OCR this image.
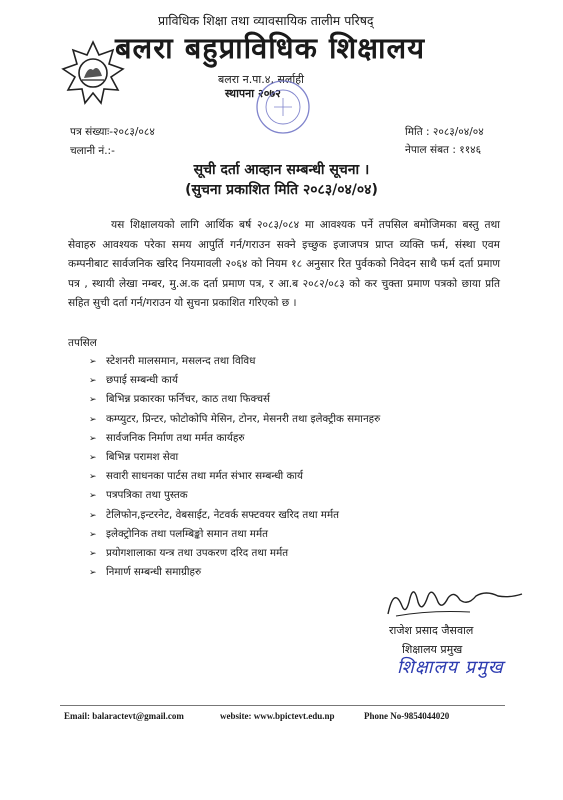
प्राविधिक शिक्षा तथा व्यावसायिक तालीम परिषद्
बलरा बहुप्राविधिक शिक्षालय
बलरा न.पा.४, सर्लाही
स्थापना २०७२
पत्र संख्याः-२०८३/०८४
चलानी नं.:-
मिति : २०८३/०४/०४
नेपाल संबत : ११४६
सूची दर्ता आव्हान सम्बन्धी सूचना ।
(सुचना प्रकाशित मिति २०८३/०४/०४)
यस शिक्षालयको लागि आर्थिक बर्ष २०८३/०८४ मा आवश्यक पर्ने तपसिल बमोजिमका बस्तु तथा सेवाहरु आवश्यक परेका समय आपुर्ति गर्न/गराउन सक्ने इच्छुक इजाजपत्र प्राप्त व्यक्ति फर्म, संस्था एवम कम्पनीबाट सार्वजनिक खरिद नियमावली २०६४ को नियम १८ अनुसार रित पुर्वकको निवेदन साथै फर्म दर्ता प्रमाण पत्र , स्थायी लेखा नम्बर, मु.अ.क दर्ता प्रमाण पत्र, र आ.ब २०८२/०८३ को कर चुक्ता प्रमाण पत्रको छाया प्रति सहित सुची दर्ता गर्न/गराउन यो सुचना प्रकाशित गरिएको छ ।
तपसिल
➢ स्टेशनरी मालसमान, मसलन्द तथा विविध
➢ छपाई सम्बन्धी कार्य
➢ बिभिन्न प्रकारका फर्निचर, काठ तथा फिक्चर्स
➢ कम्प्युटर, प्रिन्टर, फोटोकोपि मेसिन, टोनर, मेसनरी तथा इलेक्ट्रीक समानहरु
➢ सार्वजनिक निर्माण तथा मर्मत कार्यहरु
➢ बिभिन्न परामश सेवा
➢ सवारी साधनका पार्टस तथा मर्मत संभार सम्बन्धी कार्य
➢ पत्रपत्रिका तथा पुस्तक
➢ टेलिफोन,इन्टरनेट, वेबसाईट, नेटवर्क सफ्टवयर खरिद तथा मर्मत
➢ इलेक्ट्रोनिक तथा पलम्बिङ्को समान तथा मर्मत
➢ प्रयोगशालाका यन्त्र तथा उपकरण दरिद तथा मर्मत
➢ निमार्ण सम्बन्धी समाग्रीहरु
राजेश प्रसाद जैसवाल
शिक्षालय प्रमुख
शिक्षालय प्रमुख
Email: balaractevt@gmail.com	website: www.bpictevt.edu.np	Phone No-9854044020
